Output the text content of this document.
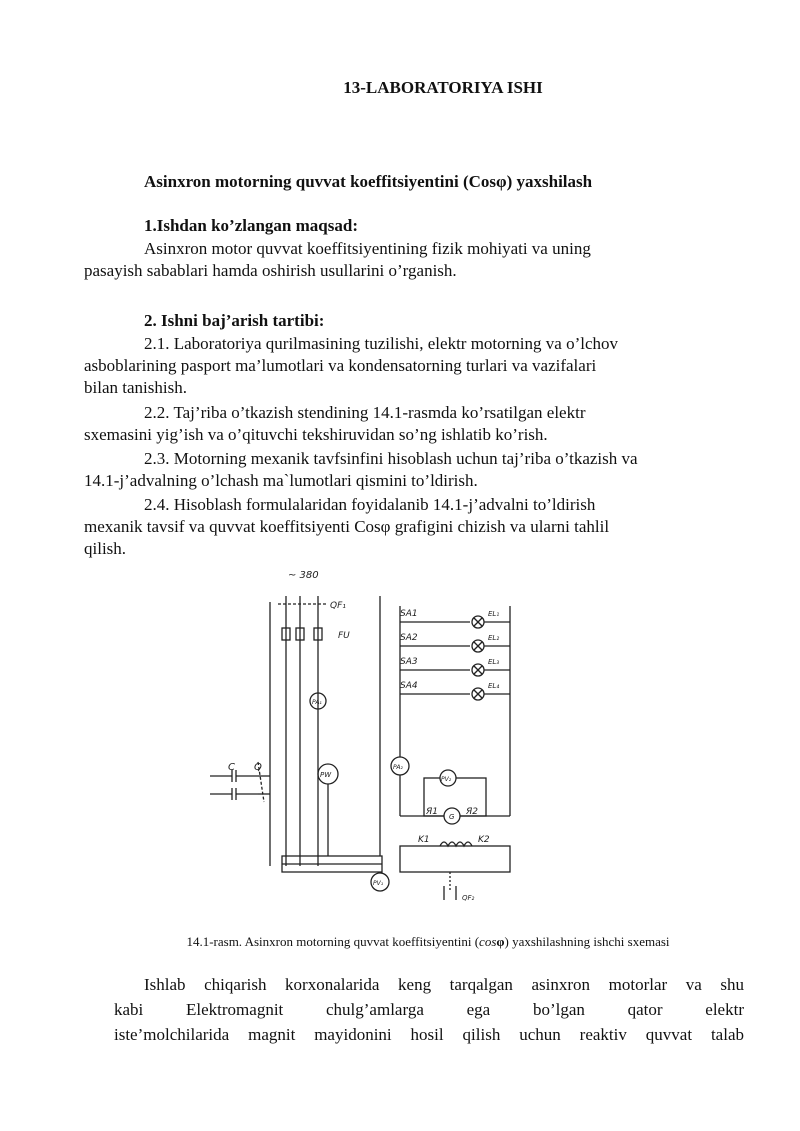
13-LABORATORIYA ISHI
Asinxron motorning quvvat koeffitsiyentini (Cosφ) yaxshilash
1.Ishdan ko’zlangan maqsad:

Asinxron motor quvvat koeffitsiyentining fizik mohiyati va uning
pasayish sabablari hamda oshirish usullarini o’rganish.

2. Ishni baj’arish tartibi:

2.1. Laboratoriya qurilmasining tuzilishi, elektr motorning va o’lchov
asboblarining pasport ma’lumotlari va kondensatorning turlari va vazifalari
bilan tanishish.

2.2. Taj’riba o’tkazish stendining 14.1-rasmda ko’rsatilgan elektr
sxemasini yig’ish va o’qituvchi tekshiruvidan so’ng ishlatib ko’rish.

2.3. Motorning mexanik tavfsinfini hisoblash uchun taj’riba o’tkazish va
14.1-j’advalning o’lchash ma`lumotlari qismini to’ldirish.

2.4. Hisoblash formulalaridan foyidalanib 14.1-j’advalni to’ldirish
mexanik tavsif va quvvat koeffitsiyenti Cosφ grafigini chizish va ularni tahlil
qilish.

~ 380
QF₁
FU
PA₁
PW
C Q
PV₁
SA1	EL₁
SA2	EL₂
SA3	EL₃
SA4	EL₄
PA₂
PV₂
G
Я1	Я2
K1	K2
QF₂
14.1-rasm. Asinxron motorning quvvat koeffitsiyentini (cosφ) yaxshilashning ishchi sxemasi

Ishlab chiqarish korxonalarida keng tarqalgan asinxron motorlar va shu

kabi Elektromagnit chulg’amlarga ega bo’lgan qator elektr

iste’molchilarida magnit mayidonini hosil qilish uchun reaktiv quvvat talab
